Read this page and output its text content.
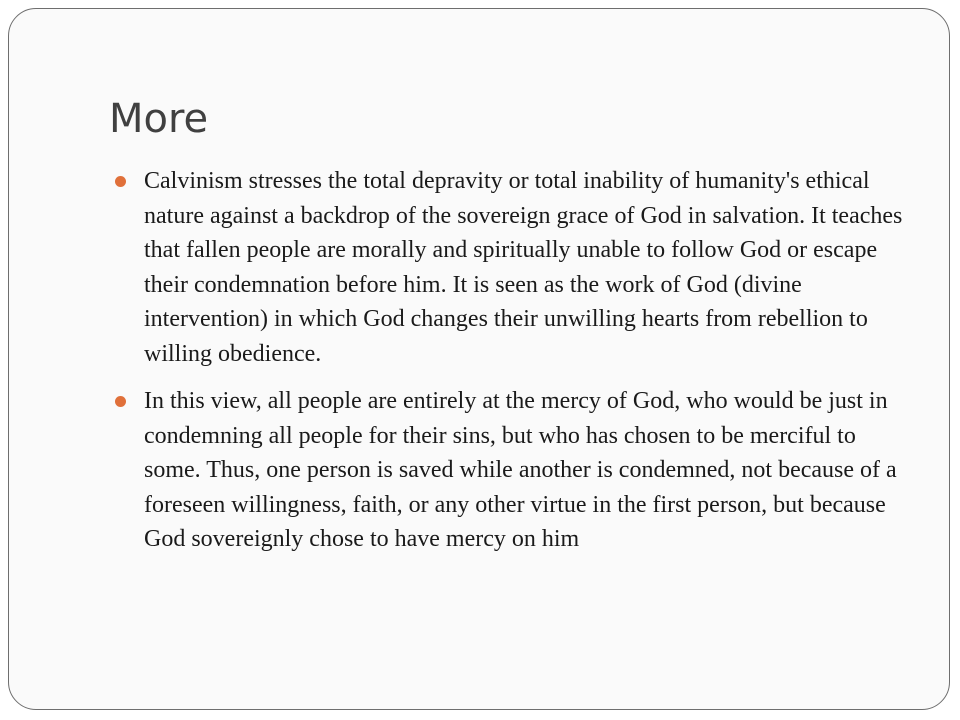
More
Calvinism stresses the total depravity or total inability of humanity's ethical nature against a backdrop of the sovereign grace of God in salvation. It teaches that fallen people are morally and spiritually unable to follow God or escape their condemnation before him. It is seen as the work of God (divine intervention) in which God changes their unwilling hearts from rebellion to willing obedience.
In this view, all people are entirely at the mercy of God, who would be just in condemning all people for their sins, but who has chosen to be merciful to some. Thus, one person is saved while another is condemned, not because of a foreseen willingness, faith, or any other virtue in the first person, but because God sovereignly chose to have mercy on him
